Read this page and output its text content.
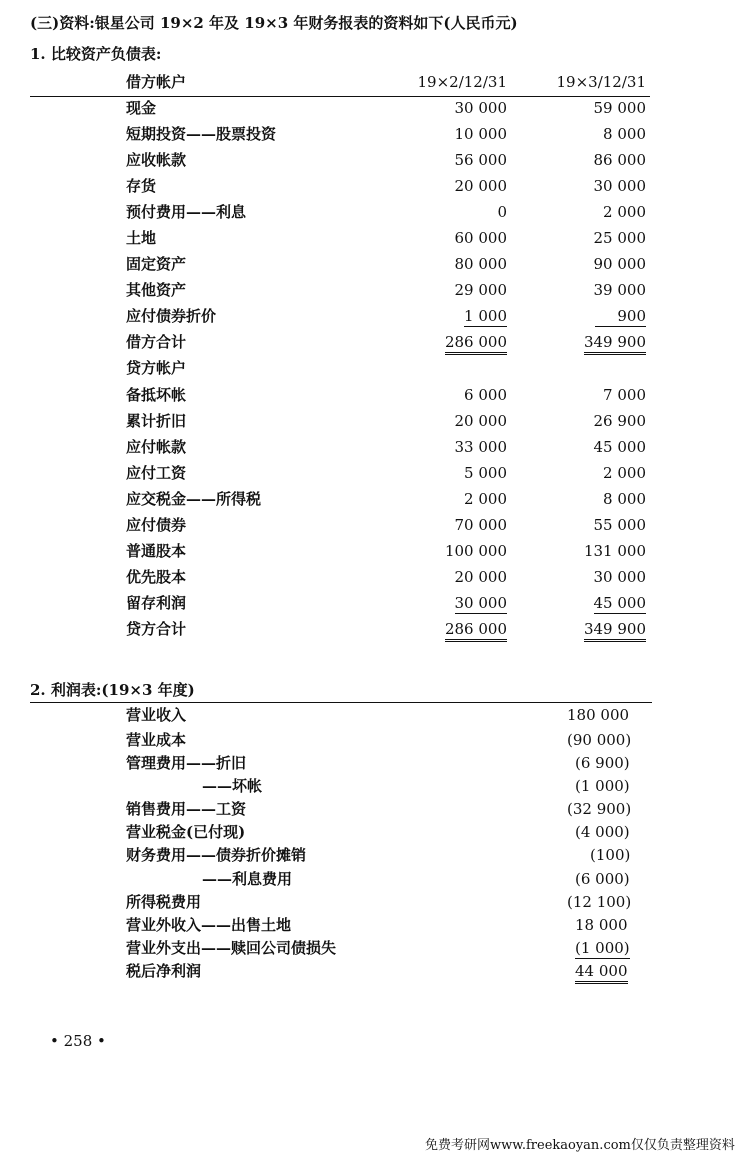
(三)资料:银星公司 19×2 年及 19×3 年财务报表的资料如下(人民币元)
1. 比较资产负债表:
借方帐户	19×2/12/31	19×3/12/31
现金	30 000	59 000
短期投资——股票投资	10 000	8 000
应收帐款	56 000	86 000
存货	20 000	30 000
预付费用——利息	0	2 000
土地	60 000	25 000
固定资产	80 000	90 000
其他资产	29 000	39 000
应付债券折价	1 000	900
借方合计	286 000	349 900
贷方帐户
备抵坏帐	6 000	7 000
累计折旧	20 000	26 900
应付帐款	33 000	45 000
应付工资	5 000	2 000
应交税金——所得税	2 000	8 000
应付债券	70 000	55 000
普通股本	100 000	131 000
优先股本	20 000	30 000
留存利润	30 000	45 000
贷方合计	286 000	349 900
2. 利润表:(19×3 年度)
营业收入	180 000
营业成本	(90 000)
管理费用——折旧	(6 900)
——坏帐	(1 000)
销售费用——工资	(32 900)
营业税金(已付现)	(4 000)
财务费用——债券折价摊销	(100)
——利息费用	(6 000)
所得税费用	(12 100)
营业外收入——出售土地	18 000
营业外支出——赎回公司债损失	(1 000)
税后净利润	44 000
• 258 •
免费考研网www.freekaoyan.com仅仅负责整理资料
